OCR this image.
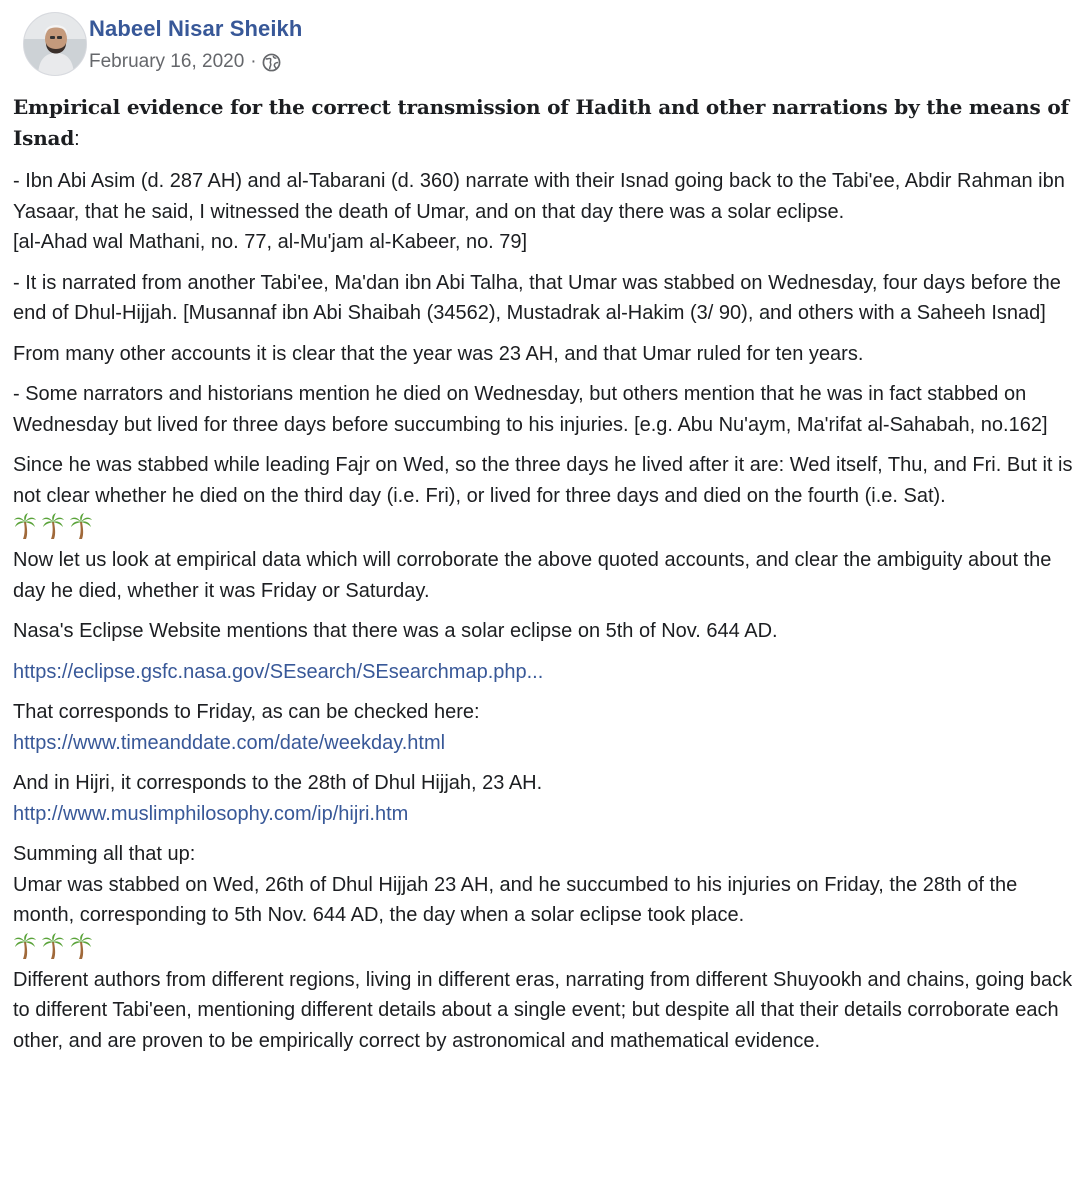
Nabeel Nisar Sheikh
February 16, 2020 ·

Empirical evidence for the correct transmission of Hadith and other narrations by the means of Isnad:

- Ibn Abi Asim (d. 287 AH) and al-Tabarani (d. 360) narrate with their Isnad going back to the Tabi'ee, Abdir Rahman ibn Yasaar, that he said, I witnessed the death of Umar, and on that day there was a solar eclipse.
[al-Ahad wal Mathani, no. 77, al-Mu'jam al-Kabeer, no. 79]

- It is narrated from another Tabi'ee, Ma'dan ibn Abi Talha, that Umar was stabbed on Wednesday, four days before the end of Dhul-Hijjah. [Musannaf ibn Abi Shaibah (34562), Mustadrak al-Hakim (3/ 90), and others with a Saheeh Isnad]

From many other accounts it is clear that the year was 23 AH, and that Umar ruled for ten years.

- Some narrators and historians mention he died on Wednesday, but others mention that he was in fact stabbed on Wednesday but lived for three days before succumbing to his injuries. [e.g. Abu Nu'aym, Ma'rifat al-Sahabah, no.162]

Since he was stabbed while leading Fajr on Wed, so the three days he lived after it are: Wed itself, Thu, and Fri. But it is not clear whether he died on the third day (i.e. Fri), or lived for three days and died on the fourth (i.e. Sat).

Now let us look at empirical data which will corroborate the above quoted accounts, and clear the ambiguity about the day he died, whether it was Friday or Saturday.

Nasa's Eclipse Website mentions that there was a solar eclipse on 5th of Nov. 644 AD.

https://eclipse.gsfc.nasa.gov/SEsearch/SEsearchmap.php...

That corresponds to Friday, as can be checked here:
https://www.timeanddate.com/date/weekday.html

And in Hijri, it corresponds to the 28th of Dhul Hijjah, 23 AH.
http://www.muslimphilosophy.com/ip/hijri.htm

Summing all that up:
Umar was stabbed on Wed, 26th of Dhul Hijjah 23 AH, and he succumbed to his injuries on Friday, the 28th of the month, corresponding to 5th Nov. 644 AD, the day when a solar eclipse took place.

Different authors from different regions, living in different eras, narrating from different Shuyookh and chains, going back to different Tabi'een, mentioning different details about a single event; but despite all that their details corroborate each other, and are proven to be empirically correct by astronomical and mathematical evidence.
